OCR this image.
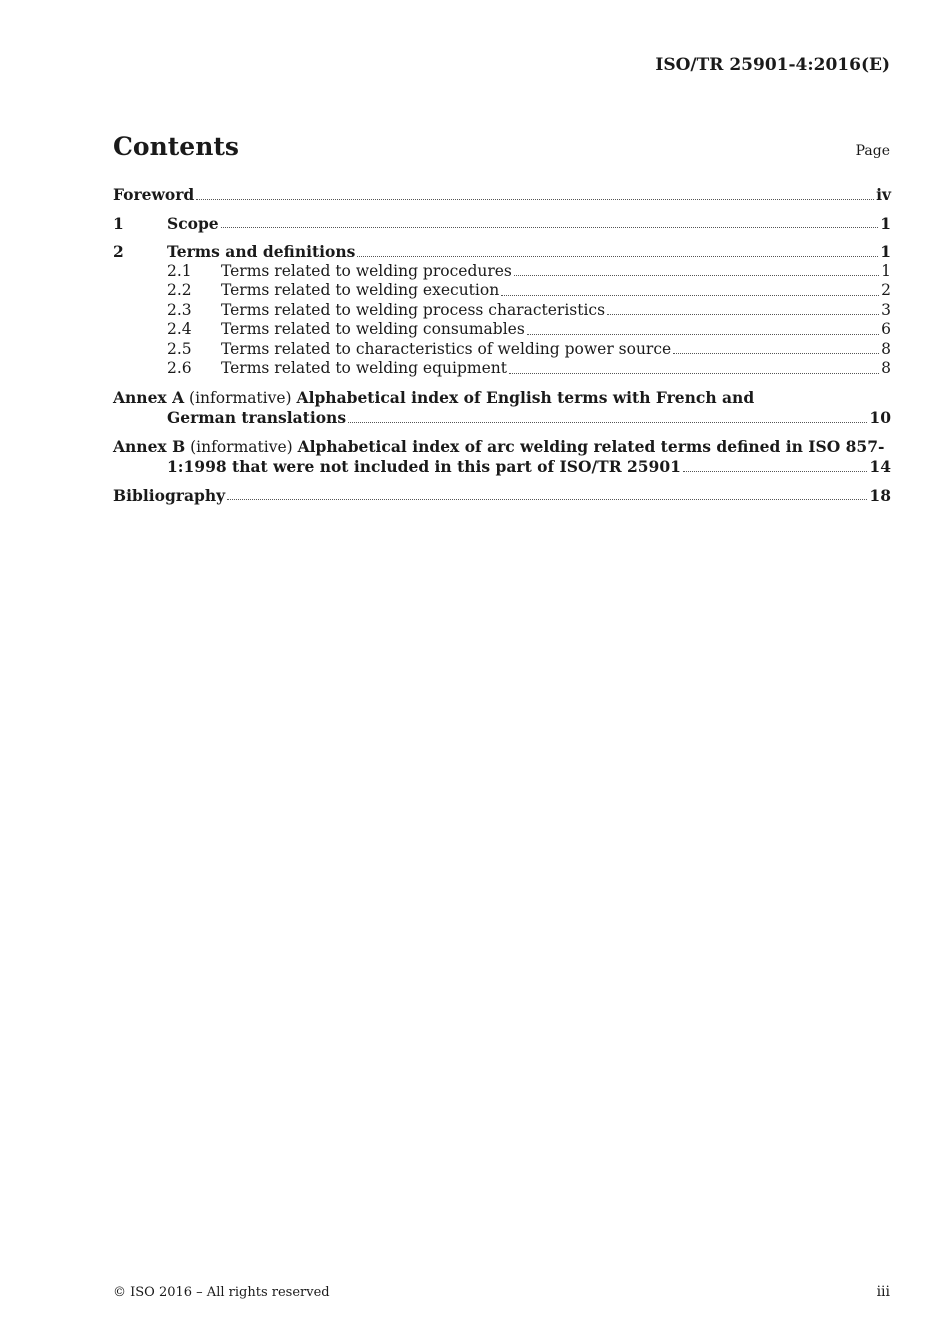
ISO/TR 25901-4:2016(E)
Contents	Page
Foreword	iv
1	Scope	1
2	Terms and definitions	1
2.1	Terms related to welding procedures	1
2.2	Terms related to welding execution	2
2.3	Terms related to welding process characteristics	3
2.4	Terms related to welding consumables	6
2.5	Terms related to characteristics of welding power source	8
2.6	Terms related to welding equipment	8
Annex A (informative) Alphabetical index of English terms with French and
German translations	10
Annex B (informative) Alphabetical index of arc welding related terms defined in ISO 857-
1:1998 that were not included in this part of ISO/TR 25901	14
Bibliography	18
© ISO 2016 – All rights reserved	iii
